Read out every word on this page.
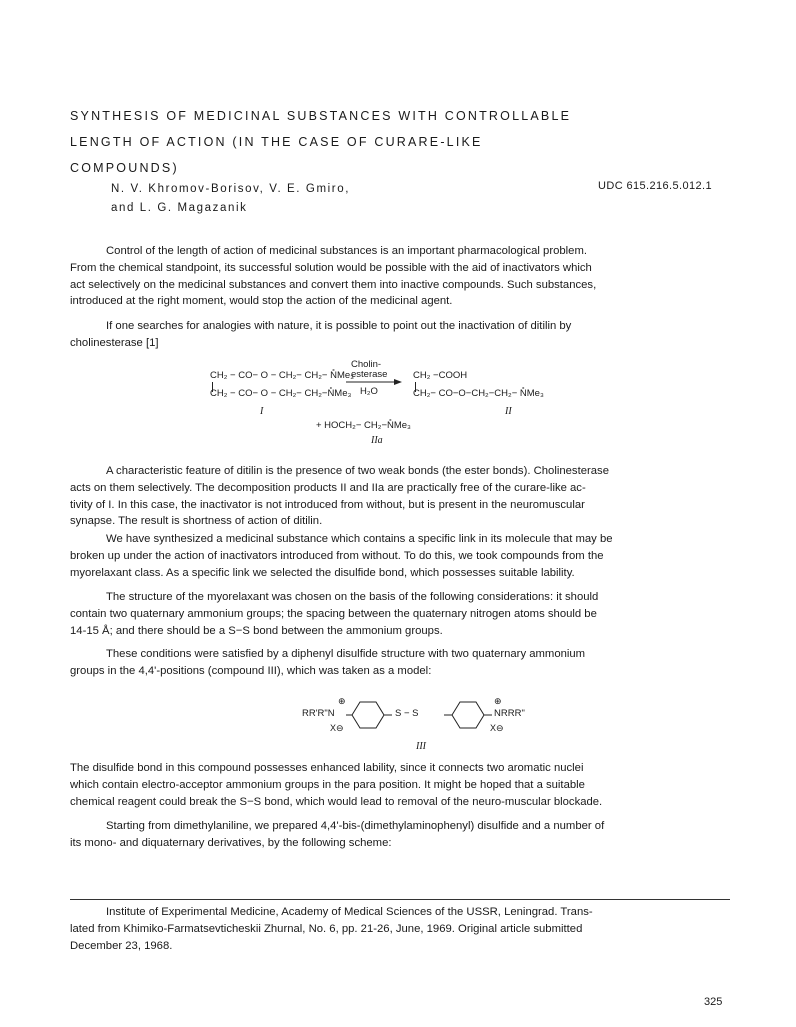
SYNTHESIS OF MEDICINAL SUBSTANCES WITH CONTROLLABLE
LENGTH OF ACTION (IN THE CASE OF CURARE-LIKE
COMPOUNDS)
N. V. Khromov-Borisov, V. E. Gmiro,
and L. G. Magazanik
UDC 615.216.5.012.1
Control of the length of action of medicinal substances is an important pharmacological problem.
From the chemical standpoint, its successful solution would be possible with the aid of inactivators which
act selectively on the medicinal substances and convert them into inactive compounds. Such substances,
introduced at the right moment, would stop the action of the medicinal agent.
If one searches for analogies with nature, it is possible to point out the inactivation of ditilin by
cholinesterase [1]
CH₂ − CO− O − CH₂− CH₂− N̊Me₃
CH₂ − CO− O − CH₂− CH₂−N̊Me₃
Cholin-
esterase
H₂O
CH₂ −COOH
CH₂− CO−O−CH₂−CH₂− N̊Me₃
I	II
+ HOCH₂− CH₂−N̊Me₃
IIa
A characteristic feature of ditilin is the presence of two weak bonds (the ester bonds). Cholinesterase
acts on them selectively. The decomposition products II and IIa are practically free of the curare-like ac-
tivity of I. In this case, the inactivator is not introduced from without, but is present in the neuromuscular
synapse. The result is shortness of action of ditilin.
We have synthesized a medicinal substance which contains a specific link in its molecule that may be
broken up under the action of inactivators introduced from without. To do this, we took compounds from the
myorelaxant class. As a specific link we selected the disulfide bond, which possesses suitable lability.
The structure of the myorelaxant was chosen on the basis of the following considerations: it should
contain two quaternary ammonium groups; the spacing between the quaternary nitrogen atoms should be
14-15 Å; and there should be a S−S bond between the ammonium groups.
These conditions were satisfied by a diphenyl disulfide structure with two quaternary ammonium
groups in the 4,4'-positions (compound III), which was taken as a model:
RR'R"N
⊕
X⊖
S − S
⊕
NRRR"
X⊖
III
The disulfide bond in this compound possesses enhanced lability, since it connects two aromatic nuclei
which contain electro-acceptor ammonium groups in the para position. It might be hoped that a suitable
chemical reagent could break the S−S bond, which would lead to removal of the neuro-muscular blockade.
Starting from dimethylaniline, we prepared 4,4'-bis-(dimethylaminophenyl) disulfide and a number of
its mono- and diquaternary derivatives, by the following scheme:
Institute of Experimental Medicine, Academy of Medical Sciences of the USSR, Leningrad. Trans-
lated from Khimiko-Farmatsevticheskii Zhurnal, No. 6, pp. 21-26, June, 1969. Original article submitted
December 23, 1968.
325
